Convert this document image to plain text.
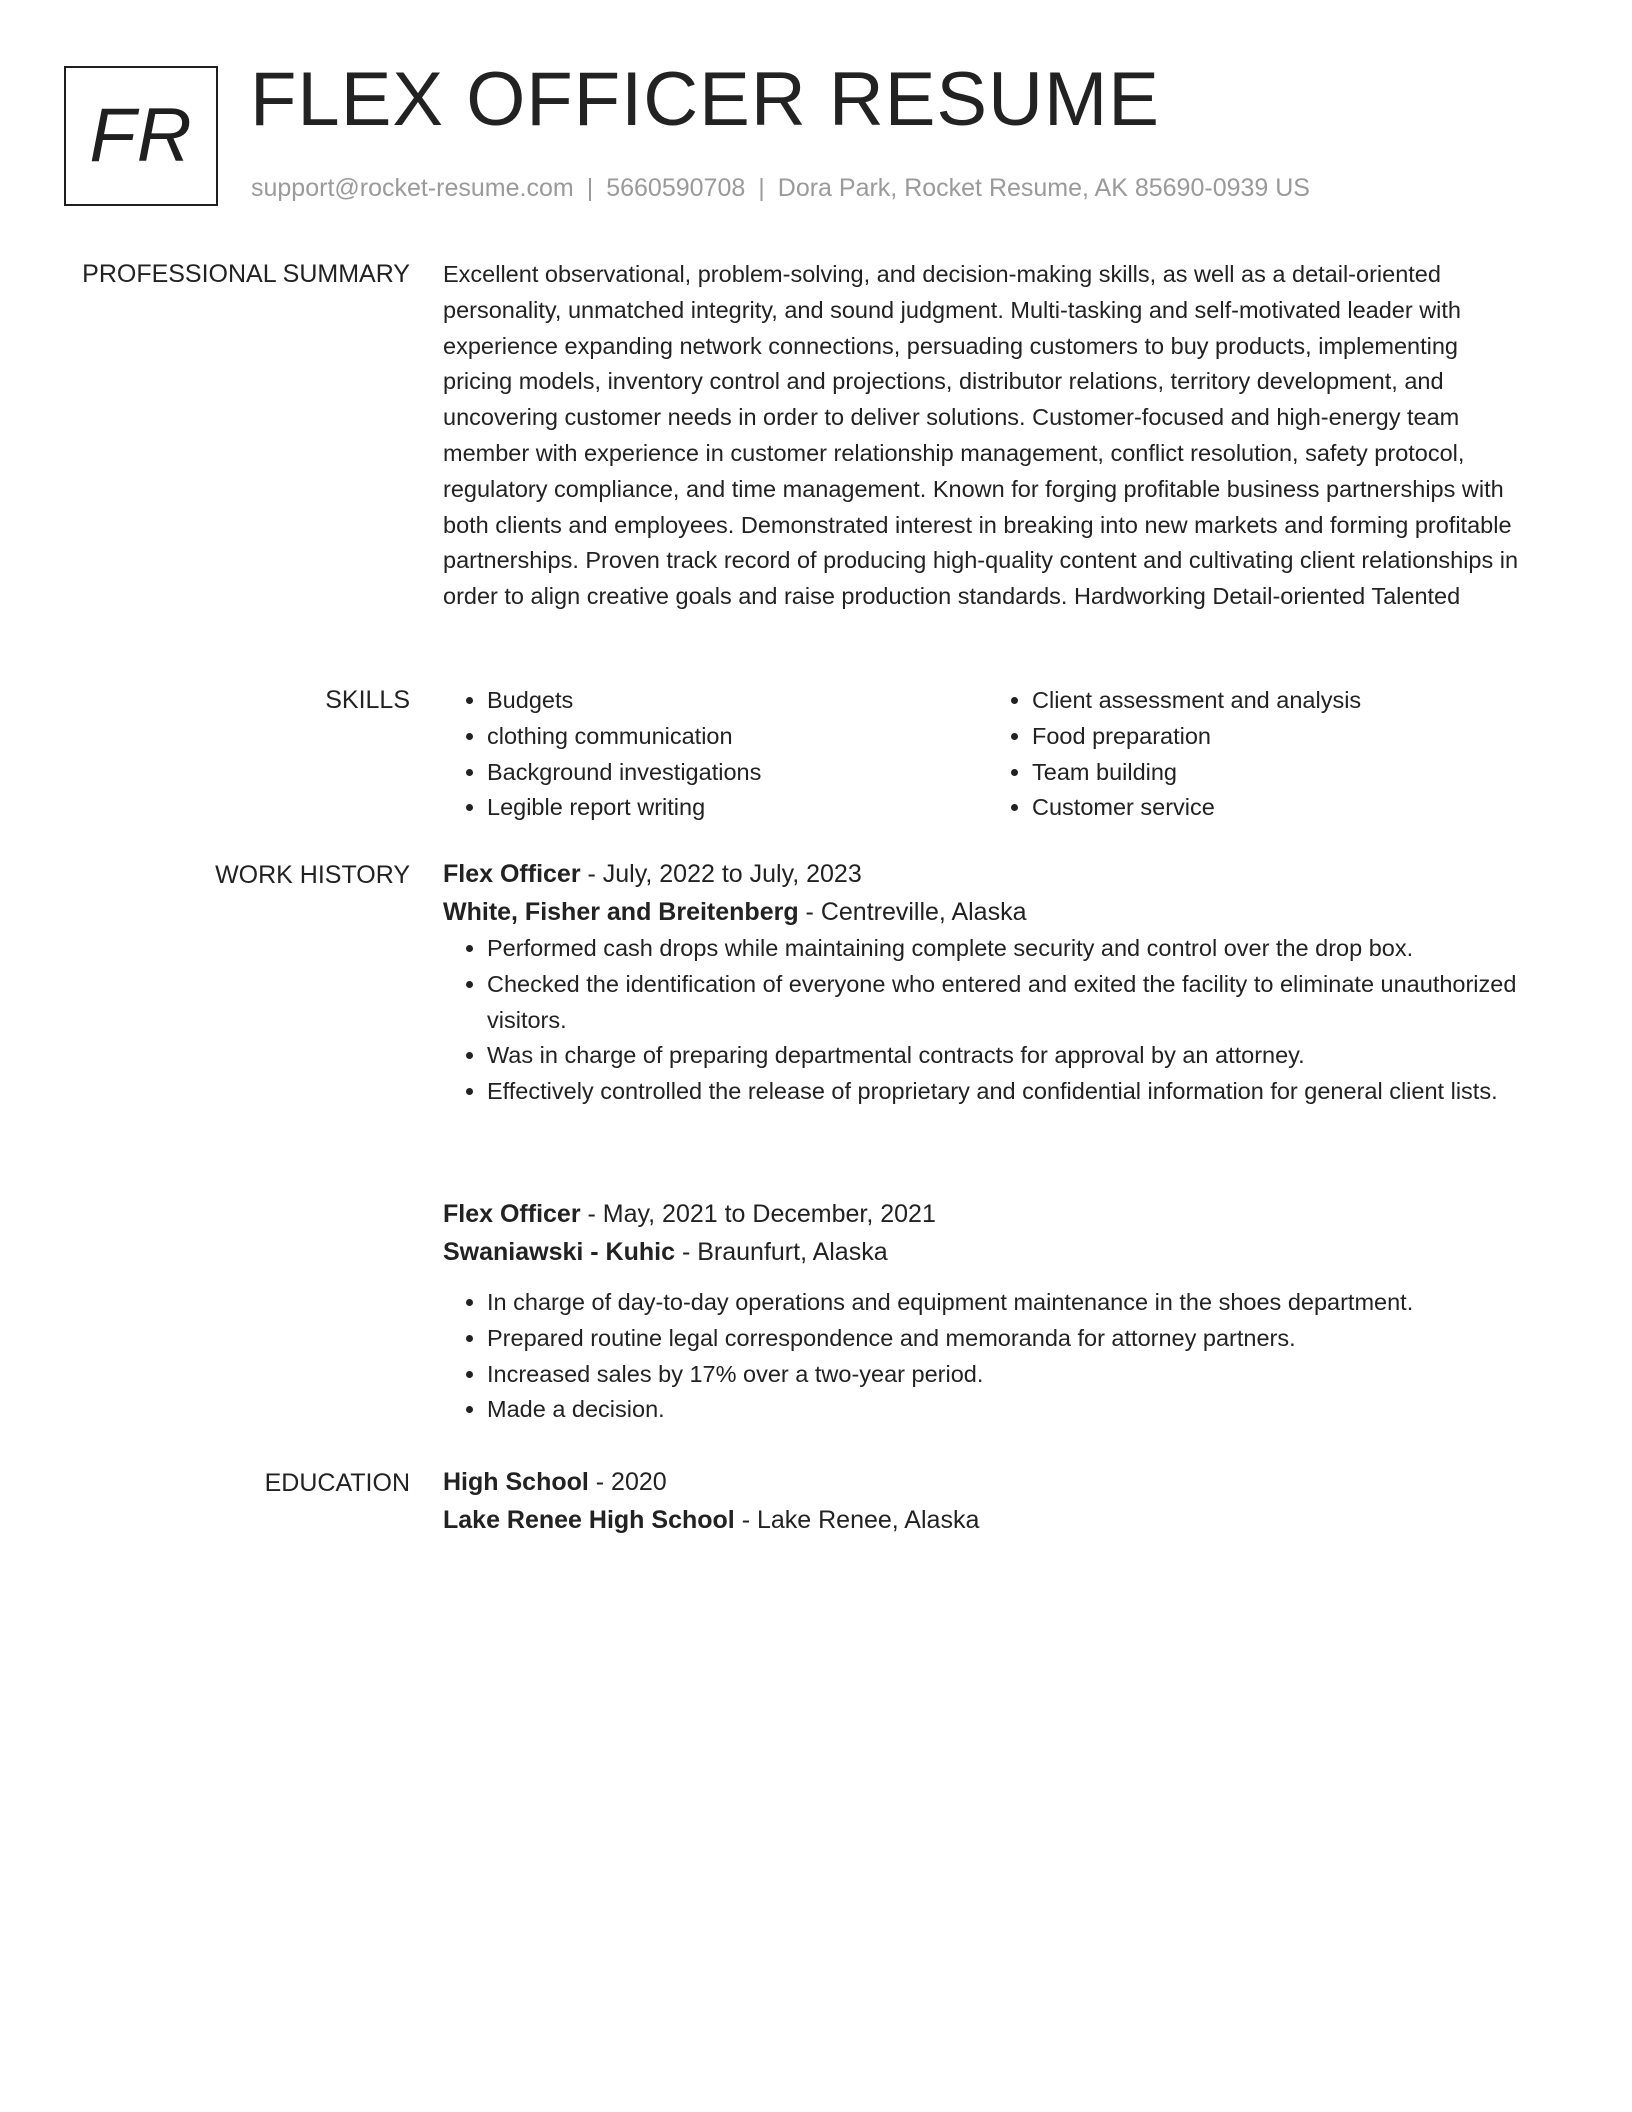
FR FLEX OFFICER RESUME
support@rocket-resume.com | 5660590708 | Dora Park, Rocket Resume, AK 85690-0939 US
PROFESSIONAL SUMMARY Excellent observational, problem-solving, and decision-making skills, as well as a detail-oriented personality, unmatched integrity, and sound judgment. Multi-tasking and self-motivated leader with experience expanding network connections, persuading customers to buy products, implementing pricing models, inventory control and projections, distributor relations, territory development, and uncovering customer needs in order to deliver solutions. Customer-focused and high-energy team member with experience in customer relationship management, conflict resolution, safety protocol, regulatory compliance, and time management. Known for forging profitable business partnerships with both clients and employees. Demonstrated interest in breaking into new markets and forming profitable partnerships. Proven track record of producing high-quality content and cultivating client relationships in order to align creative goals and raise production standards. Hardworking Detail-oriented Talented

SKILLS
•	Budgets
• clothing communication
• Background investigations
• Legible report writing
• Client assessment and analysis
• Food preparation
• Team building
• Customer service
WORK HISTORY Flex Officer - July, 2022 to July, 2023
White, Fisher and Breitenberg - Centreville, Alaska
• Performed cash drops while maintaining complete security and control over the drop box.
• Checked the identification of everyone who entered and exited the facility to eliminate unauthorized visitors.
• Was in charge of preparing departmental contracts for approval by an attorney.
• Effectively controlled the release of proprietary and confidential information for general client lists.
Flex Officer - May, 2021 to December, 2021
Swaniawski - Kuhic - Braunfurt, Alaska
• In charge of day-to-day operations and equipment maintenance in the shoes department.
• Prepared routine legal correspondence and memoranda for attorney partners.
• Increased sales by 17% over a two-year period.
• Made a decision.
EDUCATION High School - 2020
Lake Renee High School - Lake Renee, Alaska
